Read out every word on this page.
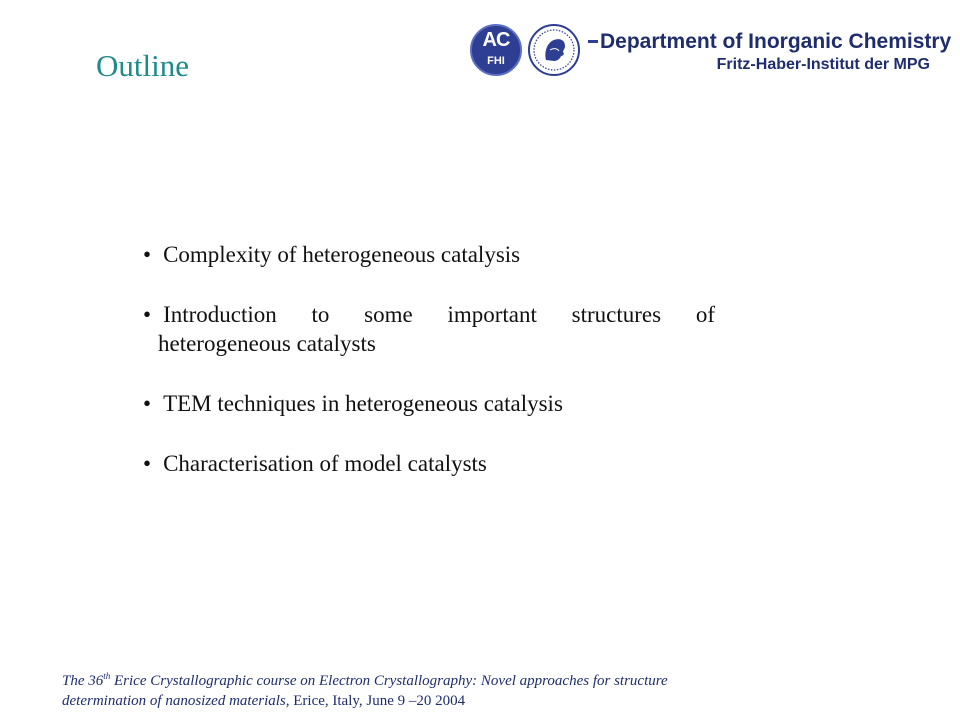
Outline
AC
FHI
Department of Inorganic Chemistry
Fritz-Haber-Institut der MPG
• Complexity of heterogeneous catalysis
• Introduction to some important structures of
heterogeneous catalysts
• TEM techniques in heterogeneous catalysis
• Characterisation of model catalysts
The 36th Erice Crystallographic course on Electron Crystallography: Novel approaches for structure
determination of nanosized materials, Erice, Italy, June 9 –20 2004
